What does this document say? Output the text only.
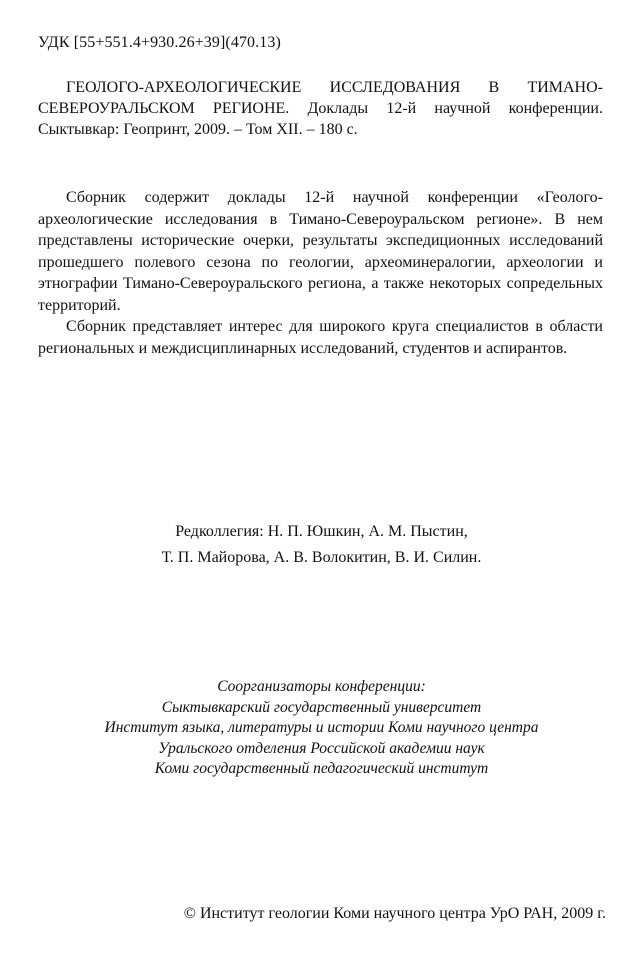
УДК [55+551.4+930.26+39](470.13)

ГЕОЛОГО-АРХЕОЛОГИЧЕСКИЕ ИССЛЕДОВАНИЯ В ТИМАНО-СЕВЕРОУРАЛЬСКОМ РЕГИОНЕ. Доклады 12-й научной конференции. Сыктывкар: Геопринт, 2009. – Том XII. – 180 с.

Сборник содержит доклады 12-й научной конференции «Геолого-археологические исследования в Тимано-Североуральском регионе». В нем представлены исторические очерки, результаты экспедиционных исследований прошедшего полевого сезона по геологии, археоминералогии, археологии и этнографии Тимано-Североуральского региона, а также некоторых сопредельных территорий.

Сборник представляет интерес для широкого круга специалистов в области региональных и междисциплинарных исследований, студентов и аспирантов.

Редколлегия: Н. П. Юшкин, А. М. Пыстин,
Т. П. Майорова, А. В. Волокитин, В. И. Силин.
Соорганизаторы конференции:
Сыктывкарский государственный университет
Институт языка, литературы и истории Коми научного центра
Уральского отделения Российской академии наук
Коми государственный педагогический институт
© Институт геологии Коми научного центра УрО РАН, 2009 г.
